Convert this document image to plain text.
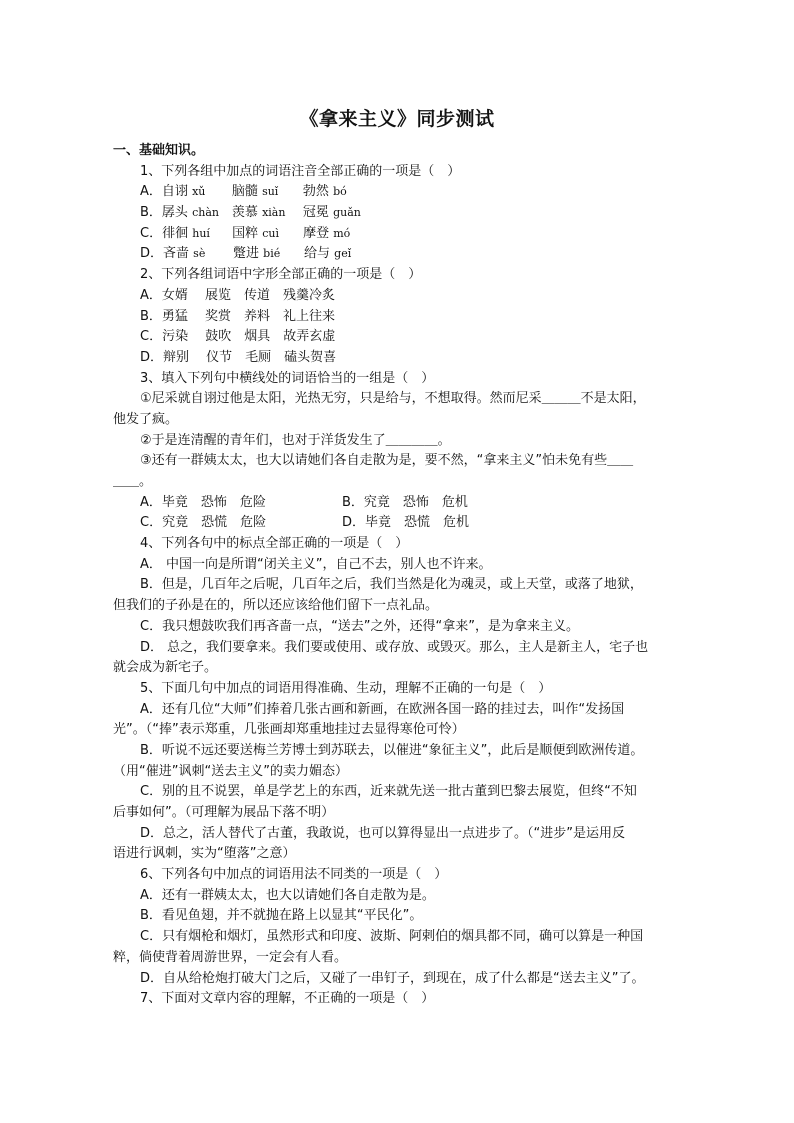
《拿来主义》同步测试
一、基础知识。
1、下列各组中加点的词语注音全部正确的一项是（　）
A．自诩 xǔ 脑髓 suǐ 勃然 bó
B．孱头 chàn 羡慕 xiàn 冠冕 guǎn
C．徘徊 huí 国粹 cuì 摩登 mó
D．吝啬 sè 蹩进 bié 给与 geǐ
2、下列各组词语中字形全部正确的一项是（　）
A．女婿　 展览　传道　残羹冷炙
B．勇猛　 奖赏　养料　礼上往来
C．污染　 鼓吹　烟具　故弄玄虚
D．辩别　 仪节　毛厕　磕头贺喜
3、填入下列句中横线处的词语恰当的一组是（　）
①尼采就自诩过他是太阳，光热无穷，只是给与，不想取得。然而尼采＿＿＿不是太阳，
他发了疯。
②于是连清醒的青年们，也对于洋货发生了＿＿＿＿。
③还有一群姨太太，也大以请她们各自走散为是，要不然，“拿来主义”怕未免有些＿＿
＿＿。
A．毕竟　恐怖　危险	B．究竟　恐怖　危机
C．究竟　恐慌　危险	D．毕竟　恐慌　危机
4、下列各句中的标点全部正确的一项是（　）
A． 中国一向是所谓“闭关主义”，自己不去，别人也不许来。
B．但是，几百年之后呢，几百年之后，我们当然是化为魂灵，或上天堂，或落了地狱，
但我们的子孙是在的，所以还应该给他们留下一点礼品。
C．我只想鼓吹我们再吝啬一点，“送去”之外，还得“拿来”，是为拿来主义。
D． 总之，我们要拿来。我们要或使用、或存放、或毁灭。那么，主人是新主人，宅子也
就会成为新宅子。
5、下面几句中加点的词语用得准确、生动，理解不正确的一句是（　）
A．还有几位“大师”们捧着几张古画和新画，在欧洲各国一路的挂过去，叫作“发扬国
光”。（“捧”表示郑重，几张画却郑重地挂过去显得寒伧可怜）
B．听说不远还要送梅兰芳博士到苏联去，以催进“象征主义”，此后是顺便到欧洲传道。
（用“催进”讽刺“送去主义”的卖力媚态）
C．别的且不说罢，单是学艺上的东西，近来就先送一批古董到巴黎去展览，但终“不知
后事如何”。（可理解为展品下落不明）
D．总之，活人替代了古董，我敢说，也可以算得显出一点进步了。（“进步”是运用反
语进行讽刺，实为“堕落”之意）
6、下列各句中加点的词语用法不同类的一项是（　）
A．还有一群姨太太，也大以请她们各自走散为是。
B．看见鱼翅，并不就抛在路上以显其“平民化”。
C．只有烟枪和烟灯，虽然形式和印度、波斯、阿剌伯的烟具都不同，确可以算是一种国
粹，倘使背着周游世界，一定会有人看。
D．自从给枪炮打破大门之后，又碰了一串钉子，到现在，成了什么都是“送去主义”了。
7、下面对文章内容的理解，不正确的一项是（　）
